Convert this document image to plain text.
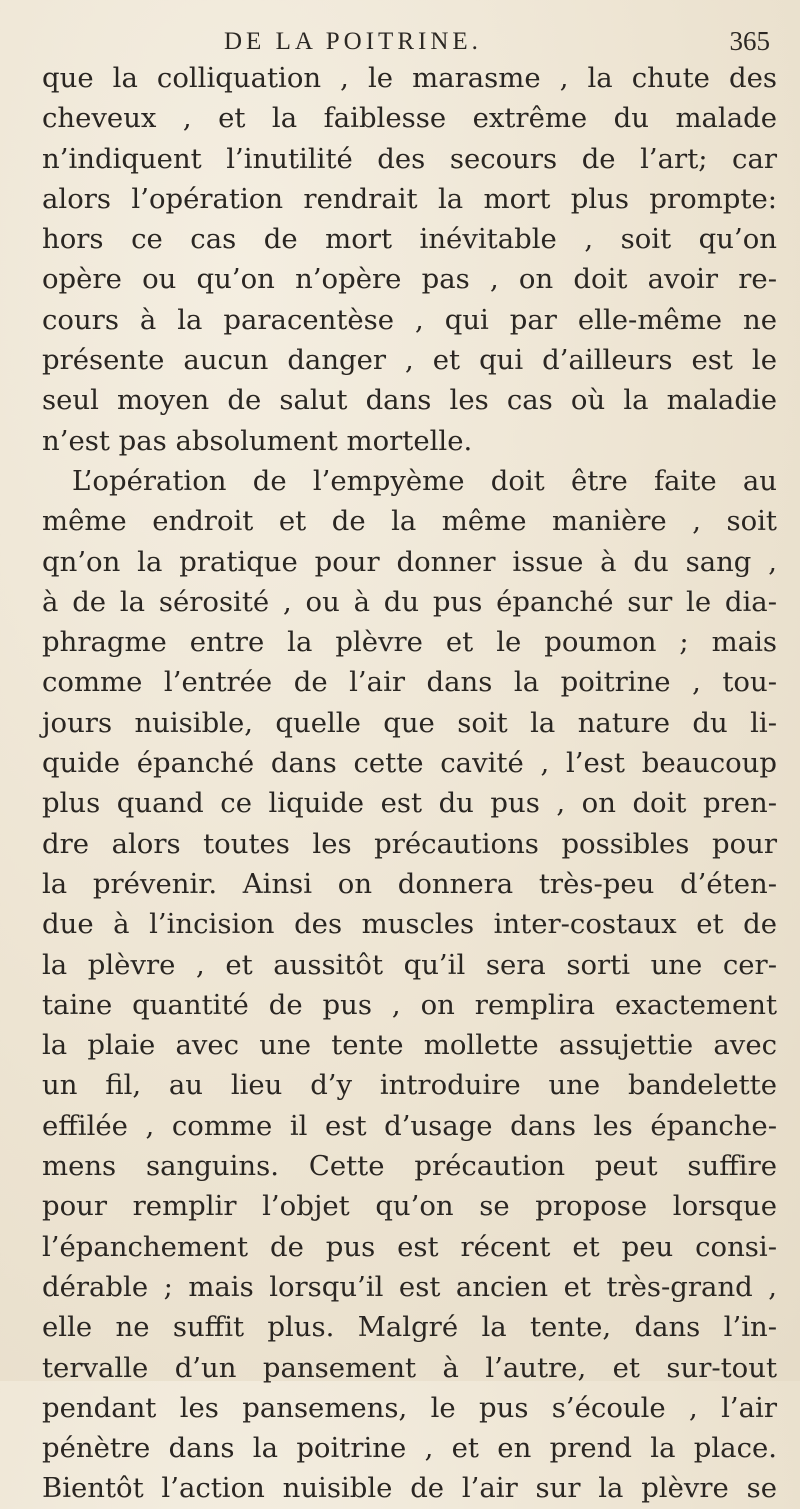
DE LA POITRINE.	365
que la colliquation , le marasme , la chute des
cheveux , et la faiblesse extrême du malade
n’indiquent l’inutilité des secours de l’art; car
alors l’opération rendrait la mort plus prompte:
hors ce cas de mort inévitable , soit qu’on
opère ou qu’on n’opère pas , on doit avoir re-
cours à la paracentèse , qui par elle-même ne
présente aucun danger , et qui d’ailleurs est le
seul moyen de salut dans les cas où la maladie
n’est pas absolument mortelle.
L’opération de l’empyème doit être faite au
même endroit et de la même manière , soit
qn’on la pratique pour donner issue à du sang ,
à de la sérosité , ou à du pus épanché sur le dia-
phragme entre la plèvre et le poumon ; mais
comme l’entrée de l’air dans la poitrine , tou-
jours nuisible, quelle que soit la nature du li-
quide épanché dans cette cavité , l’est beaucoup
plus quand ce liquide est du pus , on doit pren-
dre alors toutes les précautions possibles pour
la prévenir. Ainsi on donnera très-peu d’éten-
due à l’incision des muscles inter-costaux et de
la plèvre , et aussitôt qu’il sera sorti une cer-
taine quantité de pus , on remplira exactement
la plaie avec une tente mollette assujettie avec
un fil, au lieu d’y introduire une bandelette
effilée , comme il est d’usage dans les épanche-
mens sanguins. Cette précaution peut suffire
pour remplir l’objet qu’on se propose lorsque
l’épanchement de pus est récent et peu consi-
dérable ; mais lorsqu’il est ancien et très-grand ,
elle ne suffit plus. Malgré la tente, dans l’in-
tervalle d’un pansement à l’autre, et sur-tout
pendant les pansemens, le pus s’écoule , l’air
pénètre dans la poitrine , et en prend la place.
Bientôt l’action nuisible de l’air sur la plèvre se
